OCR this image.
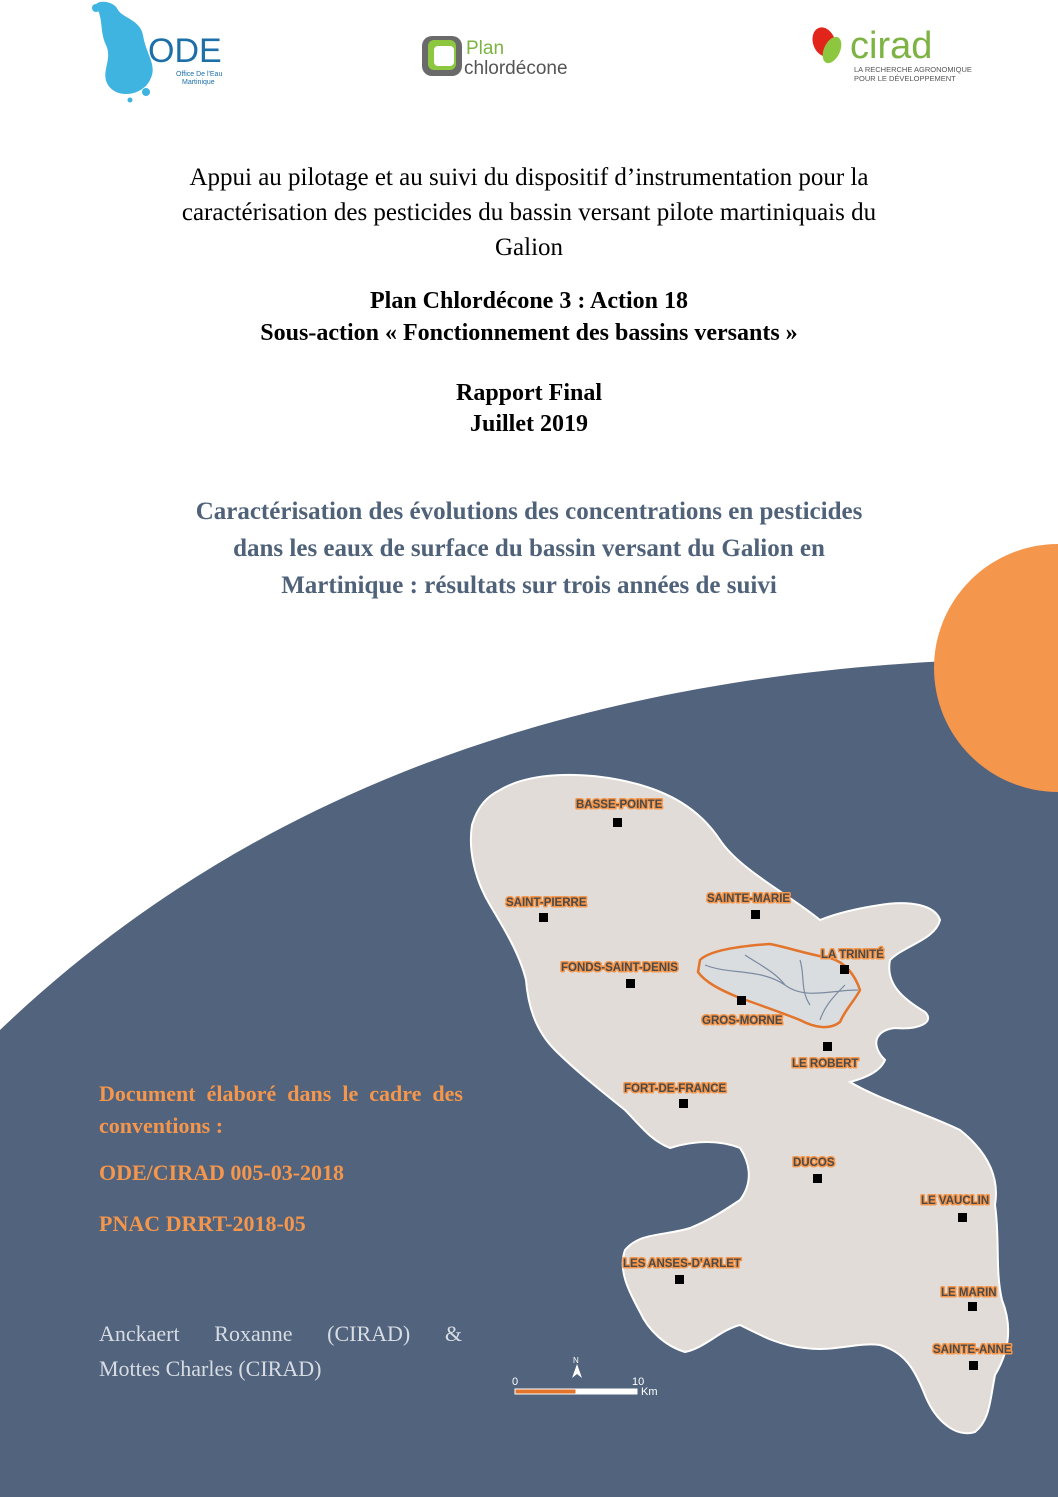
ODE
Office De l'Eau
Martinique
Plan
chlordécone
cirad
LA RECHERCHE AGRONOMIQUE
POUR LE DÉVELOPPEMENT
Appui au pilotage et au suivi du dispositif d’instrumentation pour la
caractérisation des pesticides du bassin versant pilote martiniquais du
Galion
Plan Chlordécone 3 : Action 18
Sous-action « Fonctionnement des bassins versants »
Rapport Final
Juillet 2019
Caractérisation des évolutions des concentrations en pesticides
dans les eaux de surface du bassin versant du Galion en
Martinique : résultats sur trois années de suivi
BASSE-POINTE
SAINT-PIERRE	SAINTE-MARIE
FONDS-SAINT-DENIS
LA TRINITÉ
GROS-MORNE
LE ROBERT
FORT-DE-FRANCE
DUCOS
LE VAUCLIN
LES ANSES-D'ARLET
LE MARIN
SAINTE-ANNE
0	10
Km
N
Document élaboré dans le cadre des conventions :
ODE/CIRAD 005-03-2018
PNAC DRRT-2018-05
Anckaert Roxanne (CIRAD) &
Mottes Charles (CIRAD)
